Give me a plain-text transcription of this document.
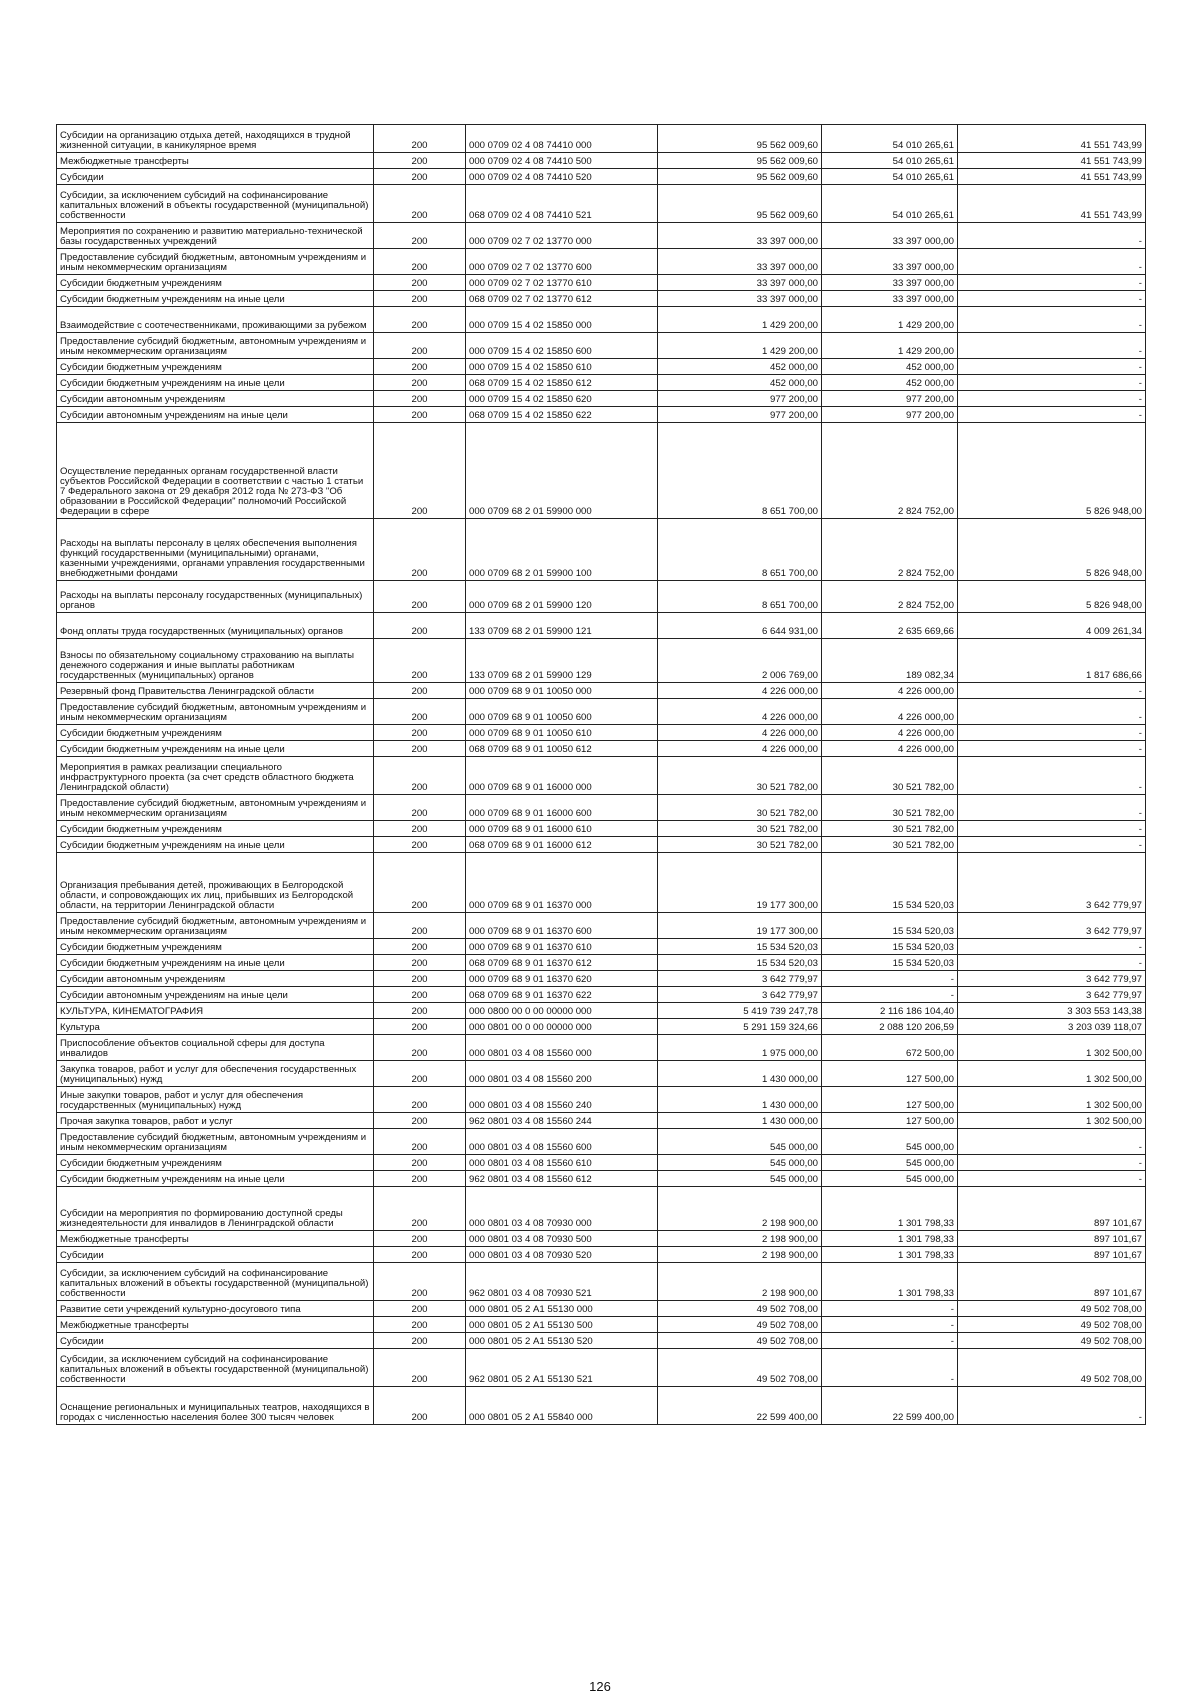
Субсидии на организацию отдыха детей, находящихся в трудной жизненной ситуации, в каникулярное время	200	000 0709 02 4 08 74410 000	95 562 009,60	54 010 265,61	41 551 743,99
Межбюджетные трансферты	200	000 0709 02 4 08 74410 500	95 562 009,60	54 010 265,61	41 551 743,99
Субсидии	200	000 0709 02 4 08 74410 520	95 562 009,60	54 010 265,61	41 551 743,99
Субсидии, за исключением субсидий на софинансирование капитальных вложений в объекты государственной (муниципальной) собственности	200	068 0709 02 4 08 74410 521	95 562 009,60	54 010 265,61	41 551 743,99
Мероприятия по сохранению и развитию материально-технической базы государственных учреждений	200	000 0709 02 7 02 13770 000	33 397 000,00	33 397 000,00	-
Предоставление субсидий бюджетным, автономным учреждениям и иным некоммерческим организациям	200	000 0709 02 7 02 13770 600	33 397 000,00	33 397 000,00	-
Субсидии бюджетным учреждениям	200	000 0709 02 7 02 13770 610	33 397 000,00	33 397 000,00	-
Субсидии бюджетным учреждениям на иные цели	200	068 0709 02 7 02 13770 612	33 397 000,00	33 397 000,00	-
Взаимодействие с соотечественниками, проживающими за рубежом	200	000 0709 15 4 02 15850 000	1 429 200,00	1 429 200,00	-
Предоставление субсидий бюджетным, автономным учреждениям и иным некоммерческим организациям	200	000 0709 15 4 02 15850 600	1 429 200,00	1 429 200,00	-
Субсидии бюджетным учреждениям	200	000 0709 15 4 02 15850 610	452 000,00	452 000,00	-
Субсидии бюджетным учреждениям на иные цели	200	068 0709 15 4 02 15850 612	452 000,00	452 000,00	-
Субсидии автономным учреждениям	200	000 0709 15 4 02 15850 620	977 200,00	977 200,00	-
Субсидии автономным учреждениям на иные цели	200	068 0709 15 4 02 15850 622	977 200,00	977 200,00	-
Осуществление переданных органам государственной власти субъектов Российской Федерации в соответствии с частью 1 статьи 7 Федерального закона от 29 декабря 2012 года № 273-ФЗ "Об образовании в Российской Федерации" полномочий Российской Федерации в сфере	200	000 0709 68 2 01 59900 000	8 651 700,00	2 824 752,00	5 826 948,00
Расходы на выплаты персоналу в целях обеспечения выполнения функций государственными (муниципальными) органами, казенными учреждениями, органами управления государственными внебюджетными фондами	200	000 0709 68 2 01 59900 100	8 651 700,00	2 824 752,00	5 826 948,00
Расходы на выплаты персоналу государственных (муниципальных) органов	200	000 0709 68 2 01 59900 120	8 651 700,00	2 824 752,00	5 826 948,00
Фонд оплаты труда государственных (муниципальных) органов	200	133 0709 68 2 01 59900 121	6 644 931,00	2 635 669,66	4 009 261,34
Взносы по обязательному социальному страхованию на выплаты денежного содержания и иные выплаты работникам государственных (муниципальных) органов	200	133 0709 68 2 01 59900 129	2 006 769,00	189 082,34	1 817 686,66
Резервный фонд Правительства Ленинградской области	200	000 0709 68 9 01 10050 000	4 226 000,00	4 226 000,00	-
Предоставление субсидий бюджетным, автономным учреждениям и иным некоммерческим организациям	200	000 0709 68 9 01 10050 600	4 226 000,00	4 226 000,00	-
Субсидии бюджетным учреждениям	200	000 0709 68 9 01 10050 610	4 226 000,00	4 226 000,00	-
Субсидии бюджетным учреждениям на иные цели	200	068 0709 68 9 01 10050 612	4 226 000,00	4 226 000,00	-
Мероприятия в рамках реализации специального инфраструктурного проекта (за счет средств областного бюджета Ленинградской области)	200	000 0709 68 9 01 16000 000	30 521 782,00	30 521 782,00	-
Предоставление субсидий бюджетным, автономным учреждениям и иным некоммерческим организациям	200	000 0709 68 9 01 16000 600	30 521 782,00	30 521 782,00	-
Субсидии бюджетным учреждениям	200	000 0709 68 9 01 16000 610	30 521 782,00	30 521 782,00	-
Субсидии бюджетным учреждениям на иные цели	200	068 0709 68 9 01 16000 612	30 521 782,00	30 521 782,00	-
Организация пребывания детей, проживающих в Белгородской области, и сопровождающих их лиц, прибывших из Белгородской области, на территории Ленинградской области	200	000 0709 68 9 01 16370 000	19 177 300,00	15 534 520,03	3 642 779,97
Предоставление субсидий бюджетным, автономным учреждениям и иным некоммерческим организациям	200	000 0709 68 9 01 16370 600	19 177 300,00	15 534 520,03	3 642 779,97
Субсидии бюджетным учреждениям	200	000 0709 68 9 01 16370 610	15 534 520,03	15 534 520,03	-
Субсидии бюджетным учреждениям на иные цели	200	068 0709 68 9 01 16370 612	15 534 520,03	15 534 520,03	-
Субсидии автономным учреждениям	200	000 0709 68 9 01 16370 620	3 642 779,97	-	3 642 779,97
Субсидии автономным учреждениям на иные цели	200	068 0709 68 9 01 16370 622	3 642 779,97	-	3 642 779,97
КУЛЬТУРА, КИНЕМАТОГРАФИЯ	200	000 0800 00 0 00 00000 000	5 419 739 247,78	2 116 186 104,40	3 303 553 143,38
Культура	200	000 0801 00 0 00 00000 000	5 291 159 324,66	2 088 120 206,59	3 203 039 118,07
Приспособление объектов социальной сферы для доступа инвалидов	200	000 0801 03 4 08 15560 000	1 975 000,00	672 500,00	1 302 500,00
Закупка товаров, работ и услуг для обеспечения государственных (муниципальных) нужд	200	000 0801 03 4 08 15560 200	1 430 000,00	127 500,00	1 302 500,00
Иные закупки товаров, работ и услуг для обеспечения государственных (муниципальных) нужд	200	000 0801 03 4 08 15560 240	1 430 000,00	127 500,00	1 302 500,00
Прочая закупка товаров, работ и услуг	200	962 0801 03 4 08 15560 244	1 430 000,00	127 500,00	1 302 500,00
Предоставление субсидий бюджетным, автономным учреждениям и иным некоммерческим организациям	200	000 0801 03 4 08 15560 600	545 000,00	545 000,00	-
Субсидии бюджетным учреждениям	200	000 0801 03 4 08 15560 610	545 000,00	545 000,00	-
Субсидии бюджетным учреждениям на иные цели	200	962 0801 03 4 08 15560 612	545 000,00	545 000,00	-
Субсидии на мероприятия по формированию доступной среды жизнедеятельности для инвалидов в Ленинградской области	200	000 0801 03 4 08 70930 000	2 198 900,00	1 301 798,33	897 101,67
Межбюджетные трансферты	200	000 0801 03 4 08 70930 500	2 198 900,00	1 301 798,33	897 101,67
Субсидии	200	000 0801 03 4 08 70930 520	2 198 900,00	1 301 798,33	897 101,67
Субсидии, за исключением субсидий на софинансирование капитальных вложений в объекты государственной (муниципальной) собственности	200	962 0801 03 4 08 70930 521	2 198 900,00	1 301 798,33	897 101,67
Развитие сети учреждений культурно-досугового типа	200	000 0801 05 2 А1 55130 000	49 502 708,00	-	49 502 708,00
Межбюджетные трансферты	200	000 0801 05 2 А1 55130 500	49 502 708,00	-	49 502 708,00
Субсидии	200	000 0801 05 2 А1 55130 520	49 502 708,00	-	49 502 708,00
Субсидии, за исключением субсидий на софинансирование капитальных вложений в объекты государственной (муниципальной) собственности	200	962 0801 05 2 А1 55130 521	49 502 708,00	-	49 502 708,00
Оснащение региональных и муниципальных театров, находящихся в городах с численностью населения более 300 тысяч человек	200	000 0801 05 2 А1 55840 000	22 599 400,00	22 599 400,00	-
126
